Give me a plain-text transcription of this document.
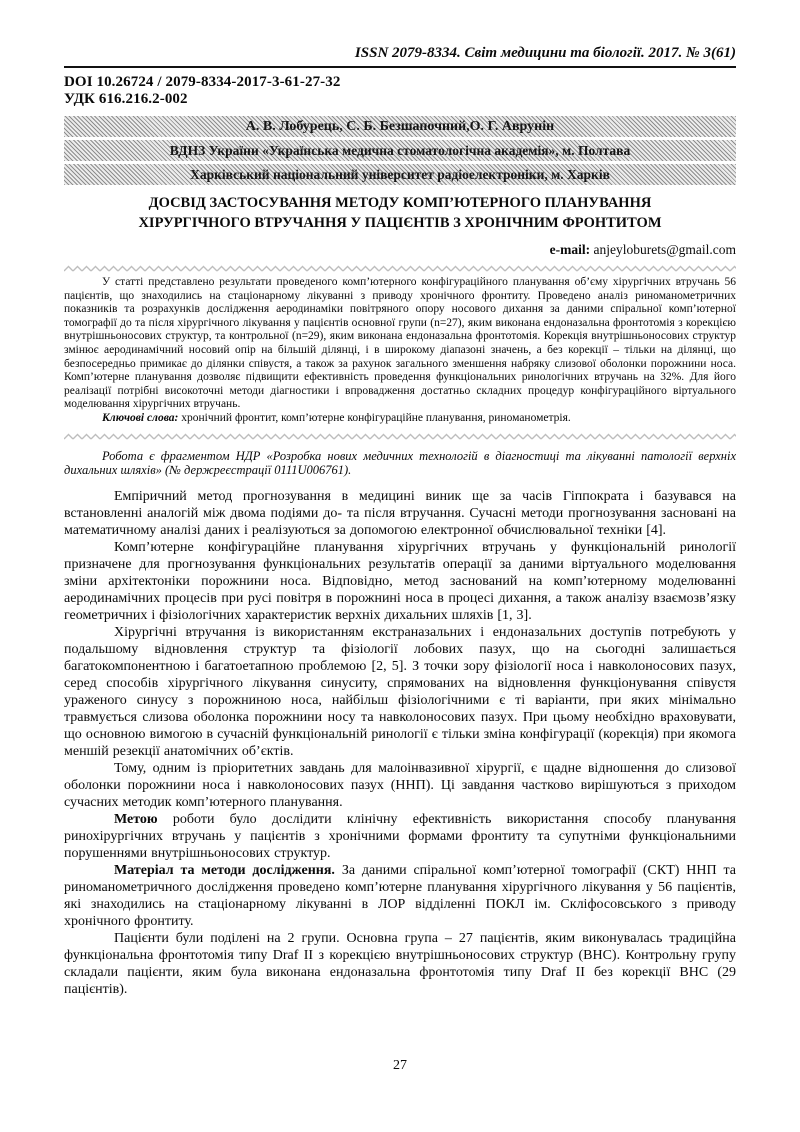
ISSN 2079-8334. Світ медицини та біології. 2017. № 3(61)
DOI 10.26724 / 2079-8334-2017-3-61-27-32
УДК 616.216.2-002
А. В. Лобурець, С. Б. Безшапочний,О. Г. Аврунін
ВДНЗ України «Українська медична стоматологічна академія», м. Полтава
Харківський національний університет радіоелектроніки, м. Харків
ДОСВІД ЗАСТОСУВАННЯ МЕТОДУ КОМП’ЮТЕРНОГО ПЛАНУВАННЯ
ХІРУРГІЧНОГО ВТРУЧАННЯ У ПАЦІЄНТІВ З ХРОНІЧНИМ ФРОНТИТОМ
e-mail: anjeyloburets@gmail.com

У статті представлено результати проведеного комп’ютерного конфігураційного планування об’єму хірургічних втручань 56 пацієнтів, що знаходились на стаціонарному лікуванні з приводу хронічного фронтиту. Проведено аналіз риноманометричних показників та розрахунків дослідження аеродинаміки повітряного опору носового дихання за даними спіральної комп’ютерної томографії до та після хірургічного лікування у пацієнтів основної групи (n=27), яким виконана ендоназальна фронтотомія з корекцією внутрішньоносових структур, та контрольної (n=29), яким виконана ендоназальна фронтотомія. Корекція внутрішньоносових структур змінює аеродинамічний носовий опір на більшій ділянці, і в широкому діапазоні значень, а без корекції – тільки на ділянці, що безпосередньо примикає до ділянки співустя, а також за рахунок загального зменшення набряку слизової оболонки порожнини носа. Комп’ютерне планування дозволяє підвищити ефективність проведення функціональних ринологічних втручань на 32%. Для його реалізації потрібні високоточні методи діагностики і впровадження достатньо складних процедур конфігураційного віртуального моделювання хірургічних втручань.

Ключові слова: хронічний фронтит, комп’ютерне конфігураційне планування, риноманометрія.

Робота є фрагментом НДР «Розробка нових медичних технологій в діагностиці та лікуванні патології верхніх дихальних шляхів» (№ держреєстрації 0111U006761).

Емпіричний метод прогнозування в медицині виник ще за часів Гіппократа і базувався на встановленні аналогій між двома подіями до- та після втручання. Сучасні методи прогнозування засновані на математичному аналізі даних і реалізуються за допомогою електронної обчислювальної техніки [4].

Комп’ютерне конфігураційне планування хірургічних втручань у функціональній ринології призначене для прогнозування функціональних результатів операції за даними віртуального моделювання зміни архітектоніки порожнини носа. Відповідно, метод заснований на комп’ютерному моделюванні аеродинамічних процесів при русі повітря в порожнині носа в процесі дихання, а також аналізу взаємозв’язку геометричних і фізіологічних характеристик верхніх дихальних шляхів [1, 3].

Хірургічні втручання із використанням екстраназальних і ендоназальних доступів потребують у подальшому відновлення структур та фізіології лобових пазух, що на сьогодні залишається багатокомпонентною і багатоетапною проблемою [2, 5]. З точки зору фізіології носа і навколоносових пазух, серед способів хірургічного лікування синуситу, спрямованих на відновлення функціонування співустя ураженого синусу з порожниною носа, найбільш фізіологічними є ті варіанти, при яких мінімально травмується слизова оболонка порожнини носу та навколоносових пазух. При цьому необхідно враховувати, що основною вимогою в сучасній функціональній ринології є тільки зміна конфігурації (корекція) при якомога меншій резекції анатомічних об’єктів.

Тому, одним із пріоритетних завдань для малоінвазивної хірургії, є щадне відношення до слизової оболонки порожнини носа і навколоносових пазух (ННП). Ці завдання частково вирішуються з приходом сучасних методик комп’ютерного планування.

Метою роботи було дослідити клінічну ефективність використання способу планування ринохірургічних втручань у пацієнтів з хронічними формами фронтиту та супутніми функціональними порушеннями внутрішньоносових структур.

Матеріал та методи дослідження. За даними спіральної комп’ютерної томографії (СКТ) ННП та риноманометричного дослідження проведено комп’ютерне планування хірургічного лікування у 56 пацієнтів, які знаходились на стаціонарному лікуванні в ЛОР відділенні ПОКЛ ім. Скліфосовського з приводу хронічного фронтиту.

Пацієнти були поділені на 2 групи. Основна група – 27 пацієнтів, яким виконувалась традиційна функціональна фронтотомія типу Draf II з корекцією внутрішньоносових структур (ВНС). Контрольну групу складали пацієнти, яким була виконана ендоназальна фронтотомія типу Draf II без корекції ВНС (29 пацієнтів).

27
